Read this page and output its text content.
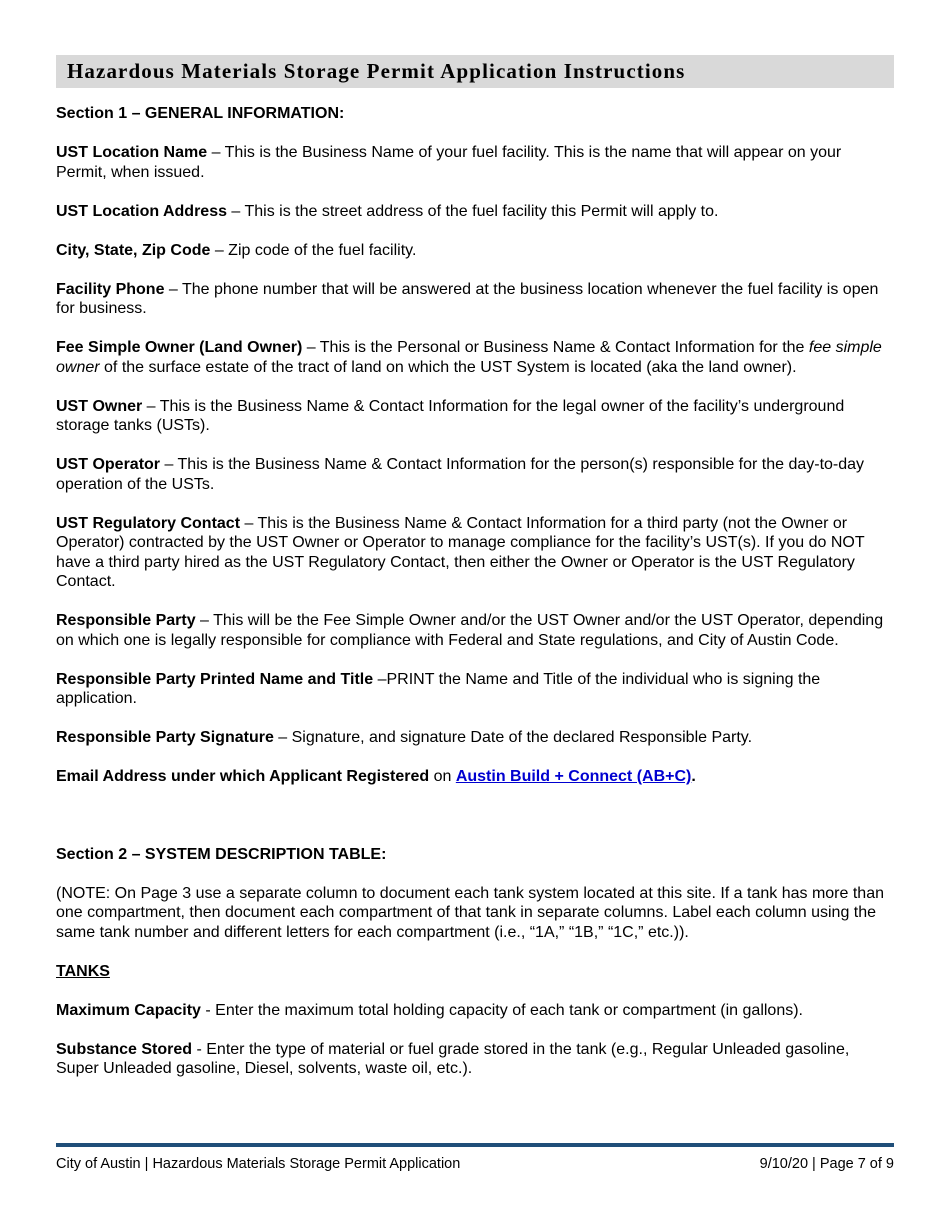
Hazardous Materials Storage Permit Application Instructions

Section 1 – GENERAL INFORMATION:

UST Location Name – This is the Business Name of your fuel facility. This is the name that will appear on your Permit, when issued.

UST Location Address – This is the street address of the fuel facility this Permit will apply to.

City, State, Zip Code – Zip code of the fuel facility.

Facility Phone – The phone number that will be answered at the business location whenever the fuel facility is open for business.

Fee Simple Owner (Land Owner) – This is the Personal or Business Name & Contact Information for the fee simple owner of the surface estate of the tract of land on which the UST System is located (aka the land owner).

UST Owner – This is the Business Name & Contact Information for the legal owner of the facility’s underground storage tanks (USTs).

UST Operator – This is the Business Name & Contact Information for the person(s) responsible for the day-to-day operation of the USTs.

UST Regulatory Contact – This is the Business Name & Contact Information for a third party (not the Owner or Operator) contracted by the UST Owner or Operator to manage compliance for the facility’s UST(s). If you do NOT have a third party hired as the UST Regulatory Contact, then either the Owner or Operator is the UST Regulatory Contact.

Responsible Party – This will be the Fee Simple Owner and/or the UST Owner and/or the UST Operator, depending on which one is legally responsible for compliance with Federal and State regulations, and City of Austin Code.

Responsible Party Printed Name and Title –PRINT the Name and Title of the individual who is signing the application.

Responsible Party Signature – Signature, and signature Date of the declared Responsible Party.

Email Address under which Applicant Registered on Austin Build + Connect (AB+C).

Section 2 – SYSTEM DESCRIPTION TABLE:

(NOTE: On Page 3 use a separate column to document each tank system located at this site. If a tank has more than one compartment, then document each compartment of that tank in separate columns. Label each column using the same tank number and different letters for each compartment (i.e., “1A,” “1B,” “1C,” etc.)).

TANKS

Maximum Capacity - Enter the maximum total holding capacity of each tank or compartment (in gallons).

Substance Stored - Enter the type of material or fuel grade stored in the tank (e.g., Regular Unleaded gasoline, Super Unleaded gasoline, Diesel, solvents, waste oil, etc.).

City of Austin | Hazardous Materials Storage Permit Application	9/10/20 | Page 7 of 9
